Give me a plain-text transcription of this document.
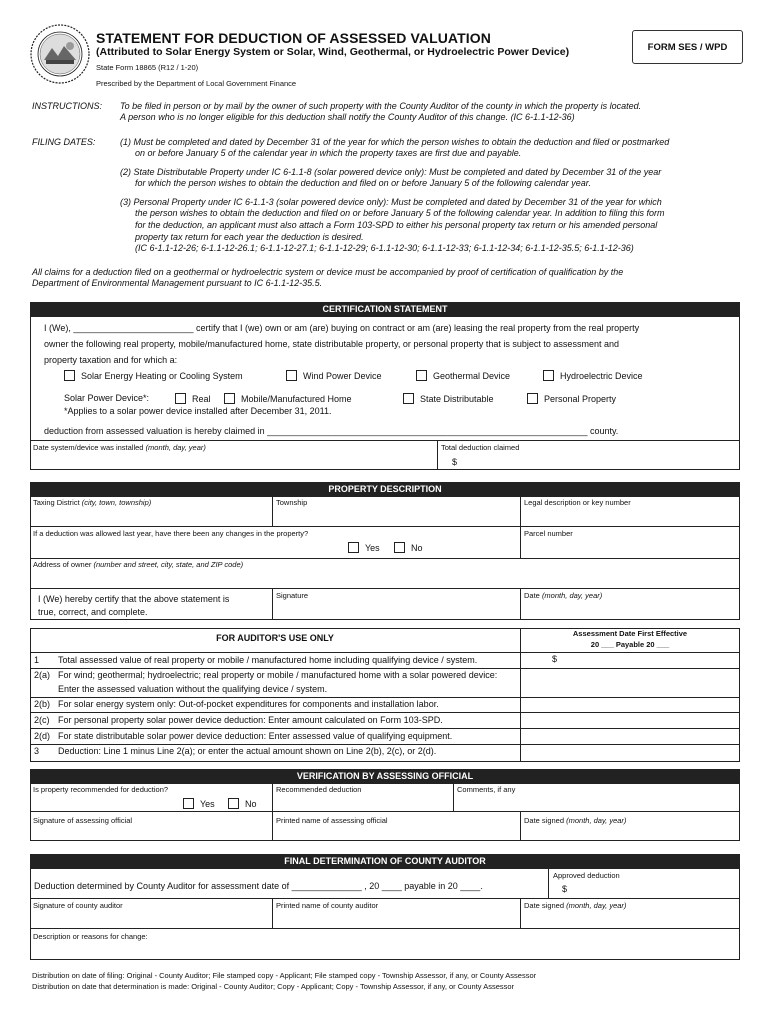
STATEMENT FOR DEDUCTION OF ASSESSED VALUATION
(Attributed to Solar Energy System or Solar, Wind, Geothermal, or Hydroelectric Power Device)
State Form 18865 (R12 / 1-20)
Prescribed by the Department of Local Government Finance
FORM SES / WPD
INSTRUCTIONS: To be filed in person or by mail by the owner of such property with the County Auditor of the county in which the property is located.
A person who is no longer eligible for this deduction shall notify the County Auditor of this change. (IC 6-1.1-12-36)
FILING DATES:	(1) Must be completed and dated by December 31 of the year for which the person wishes to obtain the deduction and filed or postmarked
on or before January 5 of the calendar year in which the property taxes are first due and payable.
(2) State Distributable Property under IC 6-1.1-8 (solar powered device only): Must be completed and dated by December 31 of the year
for which the person wishes to obtain the deduction and filed on or before January 5 of the following calendar year.
(3) Personal Property under IC 6-1.1-3 (solar powered device only): Must be completed and dated by December 31 of the year for which
the person wishes to obtain the deduction and filed on or before January 5 of the following calendar year. In addition to filing this form
for the deduction, an applicant must also attach a Form 103-SPD to either his personal property tax return or his amended personal
property tax return for each year the deduction is desired.
(IC 6-1.1-12-26; 6-1.1-12-26.1; 6-1.1-12-27.1; 6-1.1-12-29; 6-1.1-12-30; 6-1.1-12-33; 6-1.1-12-34; 6-1.1-12-35.5; 6-1.1-12-36)
All claims for a deduction filed on a geothermal or hydroelectric system or device must be accompanied by proof of certification of qualification by the
Department of Environmental Management pursuant to IC 6-1.1-12-35.5.
CERTIFICATION STATEMENT
I (We), ________________________ certify that I (we) own or am (are) buying on contract or am (are) leasing the real property from the real property
owner the following real property, mobile/manufactured home, state distributable property, or personal property that is subject to assessment and
property taxation and for which a:
Solar Energy Heating or Cooling System	Wind Power Device	Geothermal Device	Hydroelectric Device
Solar Power Device*:	Real	Mobile/Manufactured Home	State Distributable	Personal Property
*Applies to a solar power device installed after December 31, 2011.
deduction from assessed valuation is hereby claimed in ________________________________________________________________ county.
Date system/device was installed (month, day, year)	Total deduction claimed
$
PROPERTY DESCRIPTION
Taxing District (city, town, township)	Township	Legal description or key number
If a deduction was allowed last year, have there been any changes in the property?
Yes	No
Parcel number
Address of owner (number and street, city, state, and ZIP code)
I (We) hereby certify that the above statement is
true, correct, and complete.
Signature	Date (month, day, year)
FOR AUDITOR'S USE ONLY	Assessment Date First Effective
20 ___ Payable 20 ___
$
1 Total assessed value of real property or mobile / manufactured home including qualifying device / system.
2(a) For wind; geothermal; hydroelectric; real property or mobile / manufactured home with a solar powered device:
Enter the assessed valuation without the qualifying device / system.
2(b) For solar energy system only: Out-of-pocket expenditures for components and installation labor.
2(c) For personal property solar power device deduction: Enter amount calculated on Form 103-SPD.
2(d) For state distributable solar power device deduction: Enter assessed value of qualifying equipment.
3 Deduction: Line 1 minus Line 2(a); or enter the actual amount shown on Line 2(b), 2(c), or 2(d).
VERIFICATION BY ASSESSING OFFICIAL
Is property recommended for deduction?
Yes	No
Recommended deduction	Comments, if any
Signature of assessing official	Printed name of assessing official	Date signed (month, day, year)
FINAL DETERMINATION OF COUNTY AUDITOR
Deduction determined by County Auditor for assessment date of ______________ , 20 ____ payable in 20 ____.
Approved deduction
$
Signature of county auditor	Printed name of county auditor	Date signed (month, day, year)
Description or reasons for change:
Distribution on date of filing: Original - County Auditor; File stamped copy - Applicant; File stamped copy - Township Assessor, if any, or County Assessor
Distribution on date that determination is made: Original - County Auditor; Copy - Applicant; Copy - Township Assessor, if any, or County Assessor
